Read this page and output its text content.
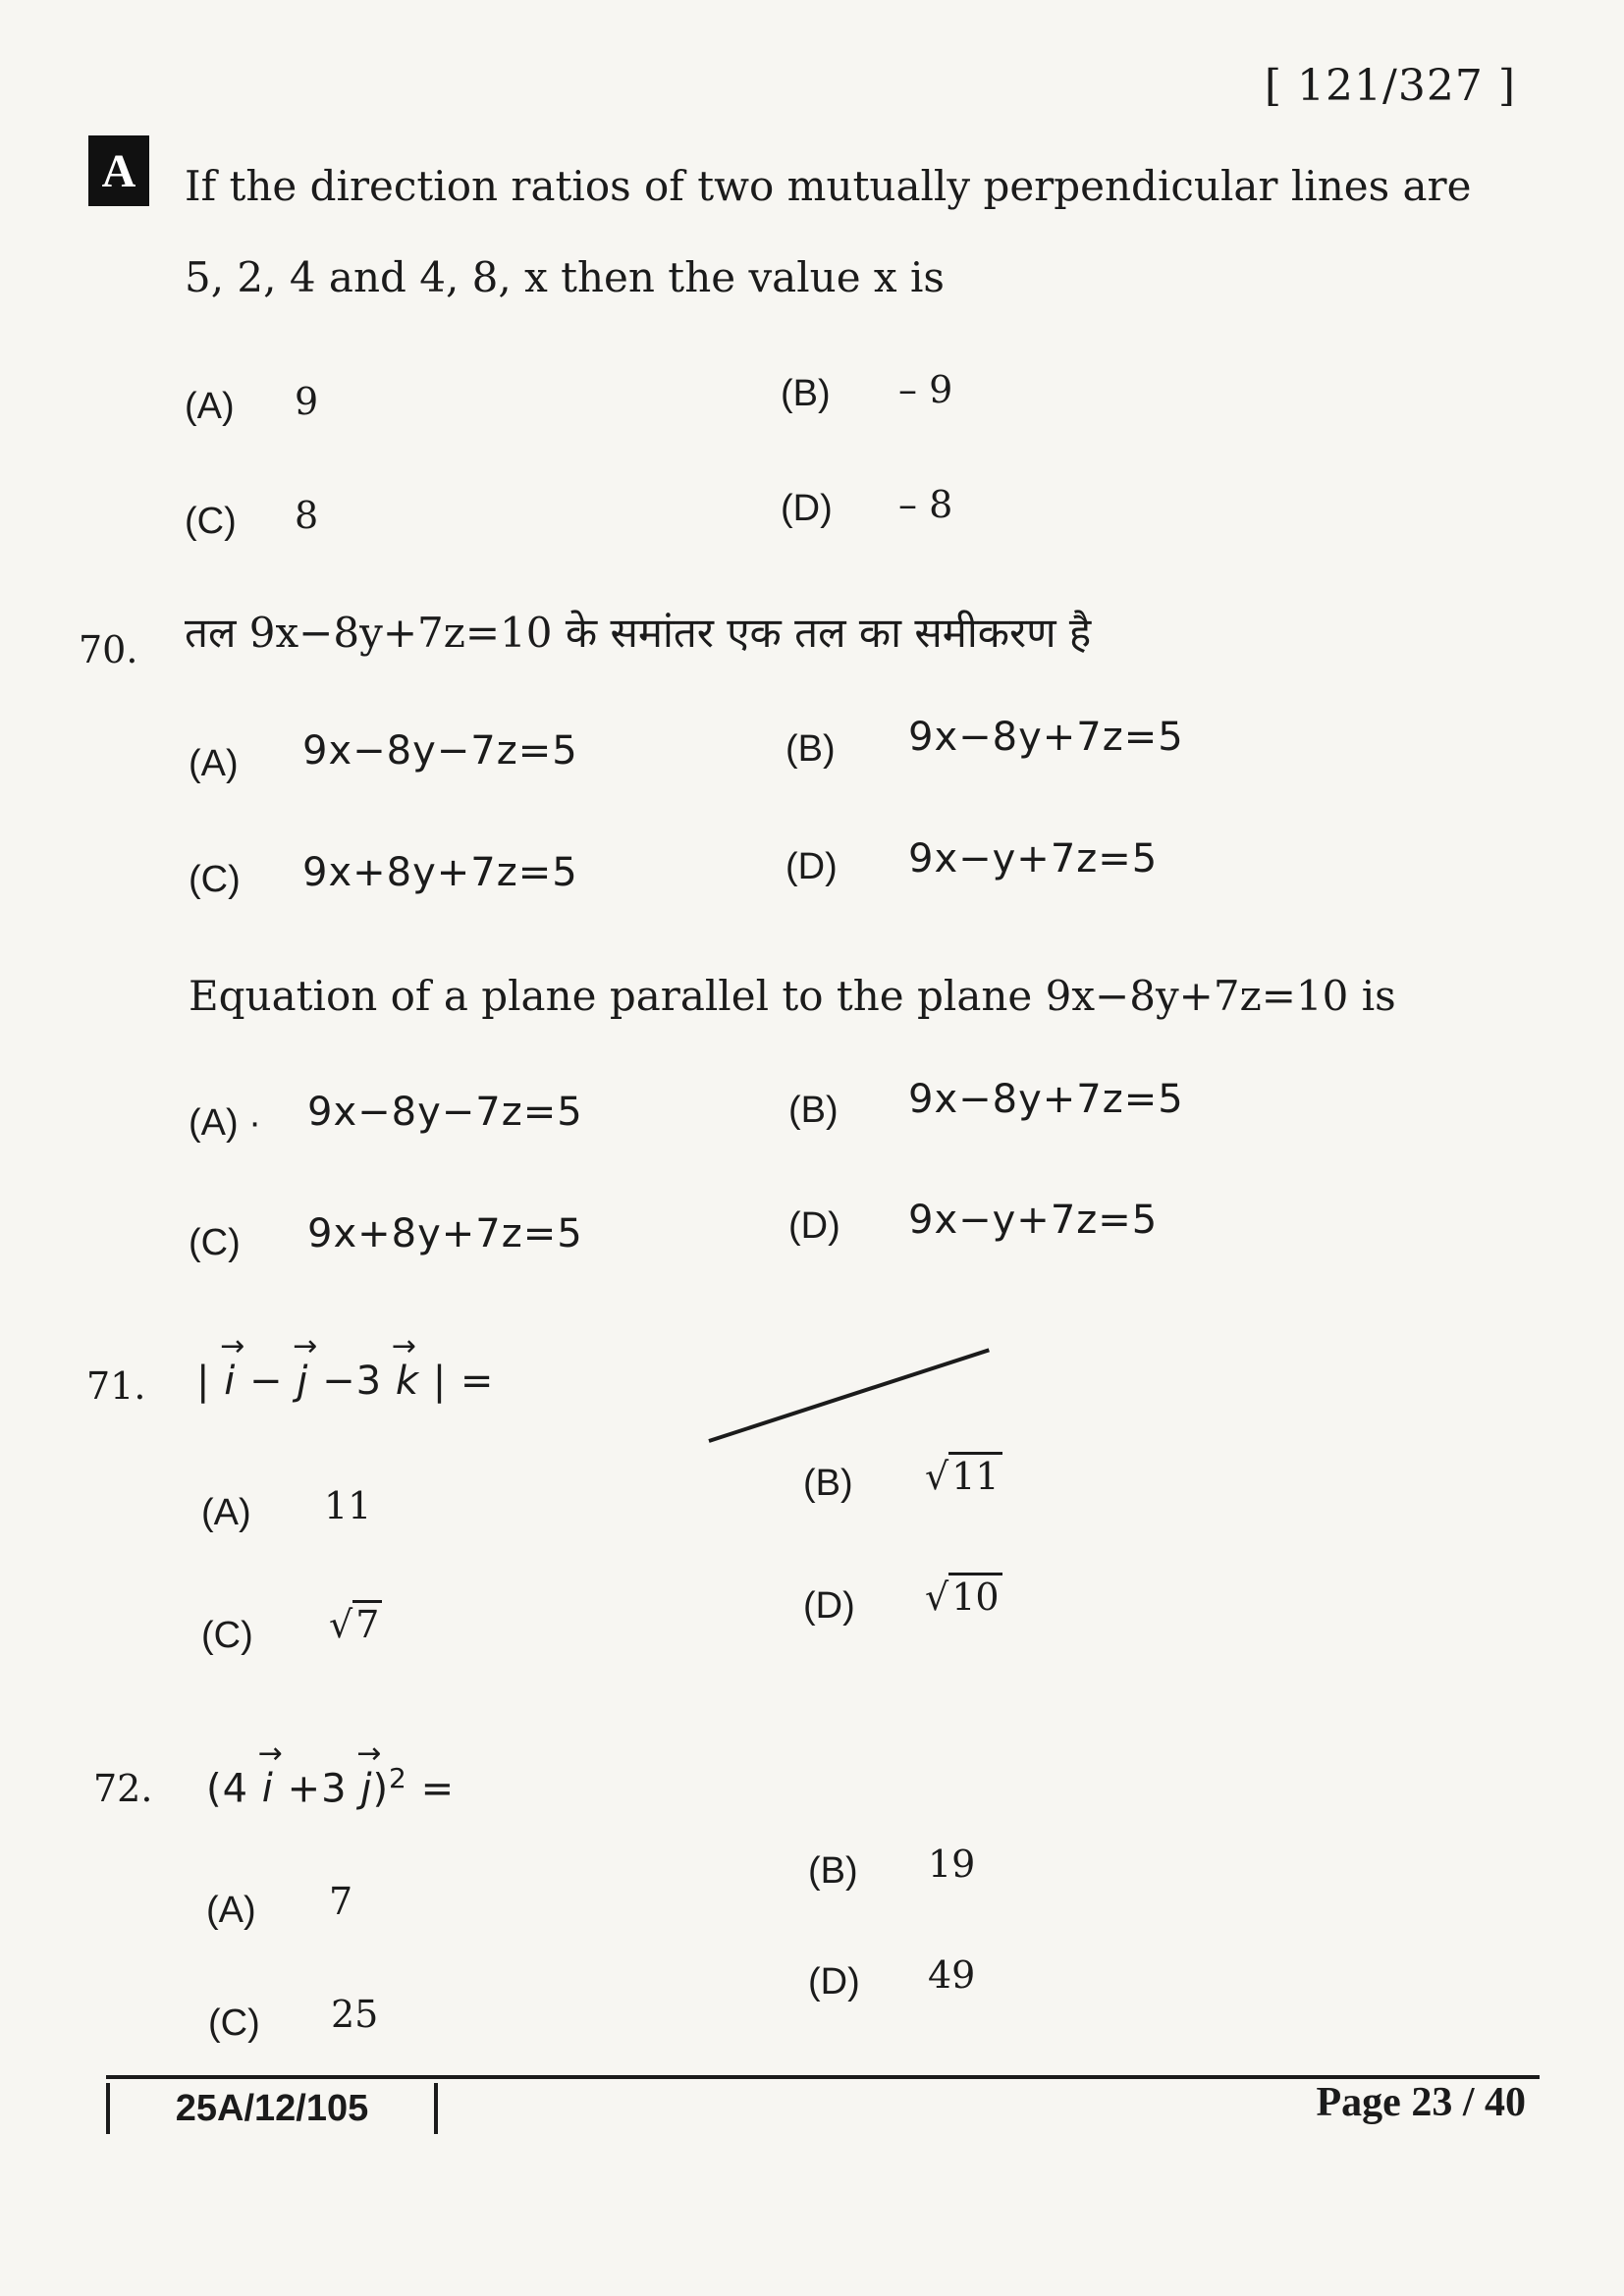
[ 121/327 ]
A	If the direction ratios of two mutually perpendicular lines are
5, 2, 4 and 4, 8, x then the value x is
(A) 9	(B) – 9
(C) 8	(D) – 8
70. तल 9x−8y+7z=10 के समांतर एक तल का समीकरण है
(A) 9x−8y−7z=5	(B) 9x−8y+7z=5
(C) 9x+8y+7z=5	(D) 9x−y+7z=5
Equation of a plane parallel to the plane 9x−8y+7z=10 is
(A) · 9x−8y−7z=5	(B) 9x−8y+7z=5
(C) 9x+8y+7z=5	(D) 9x−y+7z=5
71. | → i − → j −3 → k | =
(A) 11
(B) √11
(C) √7	(D) √10
72. $(4 \to i +3 \to j)^2$ =
(A) 7
(B) 19
(C) 25
(D) 49
25A/12/105	Page 23 / 40
